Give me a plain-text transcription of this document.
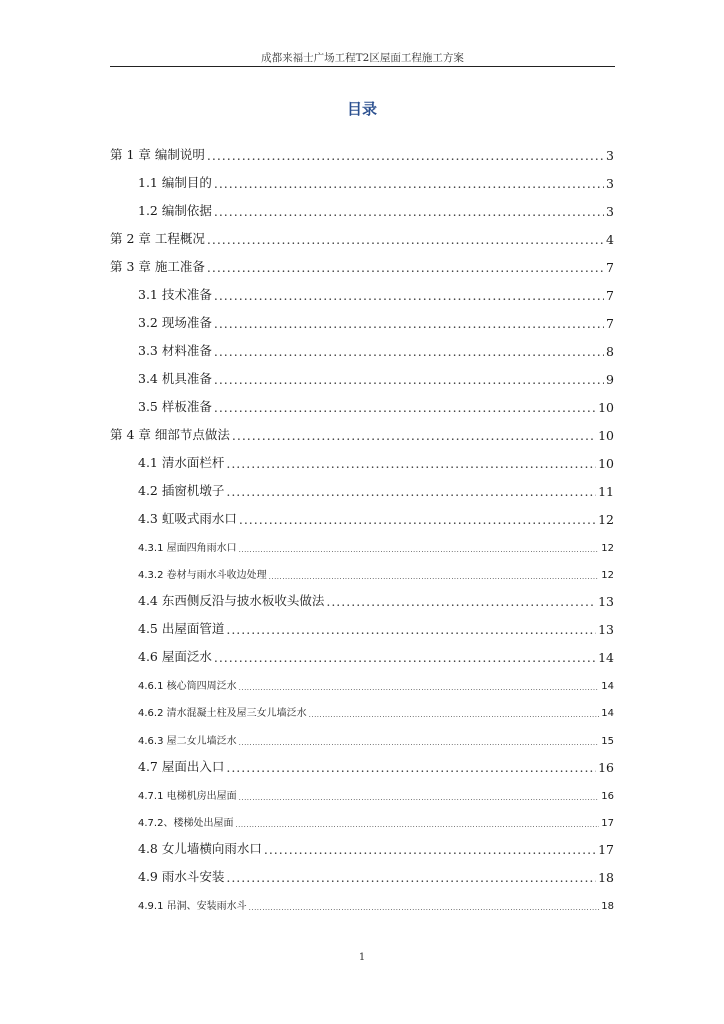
成都来福士广场工程T2区屋面工程施工方案
目录
第 1 章 编制说明 .....	3
1.1 编制目的 .....	3
1.2 编制依据 .....	3
第 2 章 工程概况 .....	4
第 3 章 施工准备 .....	7
3.1 技术准备 .....	7
3.2 现场准备 .....	7
3.3 材料准备 .....	8
3.4 机具准备 .....	9
3.5 样板准备 .....	10
第 4 章 细部节点做法 .....	10
4.1 清水面栏杆 .....	10
4.2 插窗机墩子 .....	11
4.3 虹吸式雨水口 .....	12
4.3.1 屋面四角雨水口 .....	12
4.3.2 卷材与雨水斗收边处理 .....	12
4.4 东西侧反沿与披水板收头做法 .....	13
4.5 出屋面管道 .....	13
4.6 屋面泛水 .....	14
4.6.1 核心筒四周泛水 .....	14
4.6.2 清水混凝土柱及屋三女儿墙泛水 .....	14
4.6.3 屋二女儿墙泛水 .....	15
4.7 屋面出入口 .....	16
4.7.1 电梯机房出屋面 .....	16
4.7.2、楼梯处出屋面 .....	17
4.8 女儿墙横向雨水口 .....	17
4.9 雨水斗安装 .....	18
4.9.1 吊洞、安装雨水斗 .....	18
1
